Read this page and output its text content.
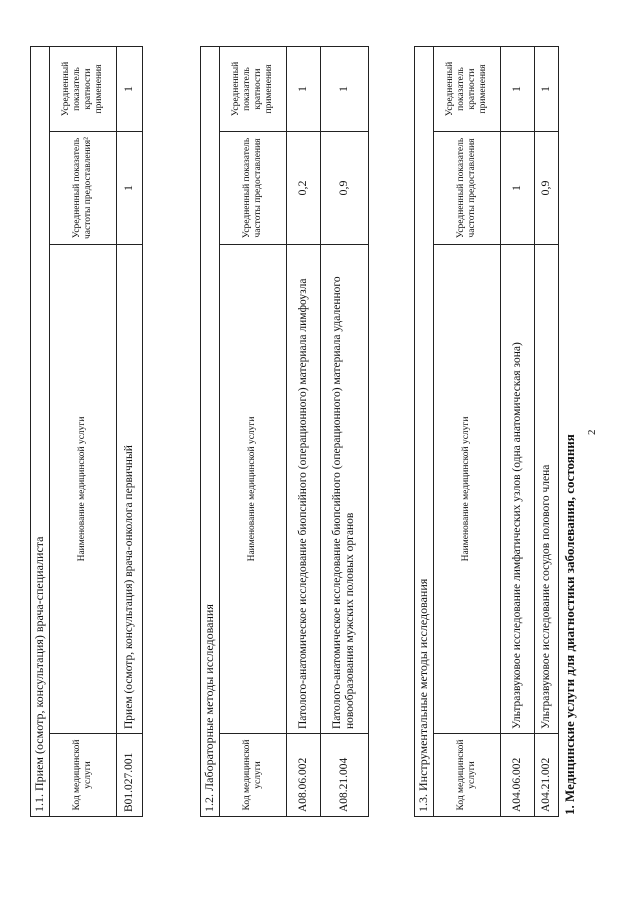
2
1. Медицинские услуги для диагностики заболевания, состояния
1.1. Прием (осмотр, консультация) врача-специалиста			
Код медицинской услуги	Наименование медицинской услуги	Усредненный показатель частоты предоставления²	Усредненный показатель кратности применения
B01.027.001	Прием (осмотр, консультация) врача-онколога первичный	1	1
1.2. Лабораторные методы исследования			
Код медицинской услуги	Наименование медицинской услуги	Усредненный показатель частоты предоставления	Усредненный показатель кратности применения
A08.06.002	Патолого-анатомическое исследование биопсийного (операционного) материала лимфоузла	0,2	1
A08.21.004	Патолого-анатомическое исследование биопсийного (операционного) материала удаленного новообразования мужских половых органов	0,9	1
1.3. Инструментальные методы исследования			
Код медицинской услуги	Наименование медицинской услуги	Усредненный показатель частоты предоставления	Усредненный показатель кратности применения
A04.06.002	Ультразвуковое исследование лимфатических узлов (одна анатомическая зона)	1	1
A04.21.002	Ультразвуковое исследование сосудов полового члена	0,9	1
